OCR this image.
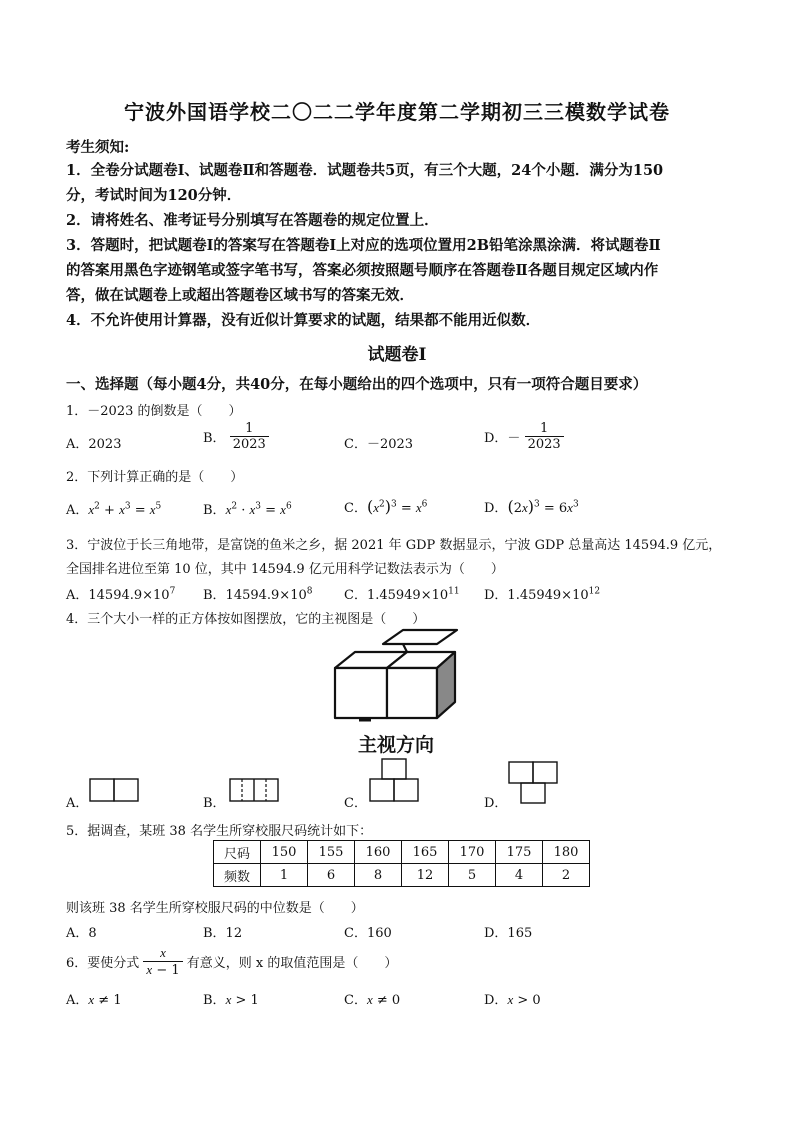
宁波外国语学校二〇二二学年度第二学期初三三模数学试卷
考生须知:
1．全卷分试题卷Ⅰ、试题卷Ⅱ和答题卷．试题卷共5页，有三个大题，24个小题．满分为150
分，考试时间为120分钟．
2．请将姓名、准考证号分别填写在答题卷的规定位置上．
3．答题时，把试题卷Ⅰ的答案写在答题卷Ⅰ上对应的选项位置用2B铅笔涂黑涂满．将试题卷Ⅱ
的答案用黑色字迹钢笔或签字笔书写，答案必须按照题号顺序在答题卷Ⅱ各题目规定区域内作
答，做在试题卷上或超出答题卷区域书写的答案无效．
4．不允许使用计算器，没有近似计算要求的试题，结果都不能用近似数．
试题卷Ⅰ
一、选择题（每小题4分，共40分，在每小题给出的四个选项中，只有一项符合题目要求）
1．－2023 的倒数是（　　）
A．2023	B． $\frac{1}{2023}$	C．－2023	D．－ $\frac{1}{2023}$
2．下列计算正确的是（　　）
A．$x^2 + x^3 = x^5$	B．$x^2 \cdot x^3 = x^6$	C．$(x^2)^3 = x^6$	D．$(2x)^3 = 6x^3$
3．宁波位于长三角地带，是富饶的鱼米之乡，据 2021 年 GDP 数据显示，宁波 GDP 总量高达 14594.9 亿元，
全国排名进位至第 10 位，其中 14594.9 亿元用科学记数法表示为（　　）
A．$14594.9\times 10^7$ B．$14594.9\times 10^8$ C．$1.45949\times 10^{11}$ D．$1.45949\times 10^{12}$
4．三个大小一样的正方体按如图摆放，它的主视图是（　　）
主视方向
A．	B．	C．	D．
5．据调查，某班 38 名学生所穿校服尺码统计如下：
尺码	150	155	160	165	170	175	180
频数	1	6	8	12	5	4	2
则该班 38 名学生所穿校服尺码的中位数是（　　）
A．8	B．12	C．160	D．165
6．要使分式 $\frac{x}{x - 1}$ 有意义，则 x 的取值范围是（　　）
A．x ≠ 1	B．x > 1	C．x ≠ 0	D．x > 0
